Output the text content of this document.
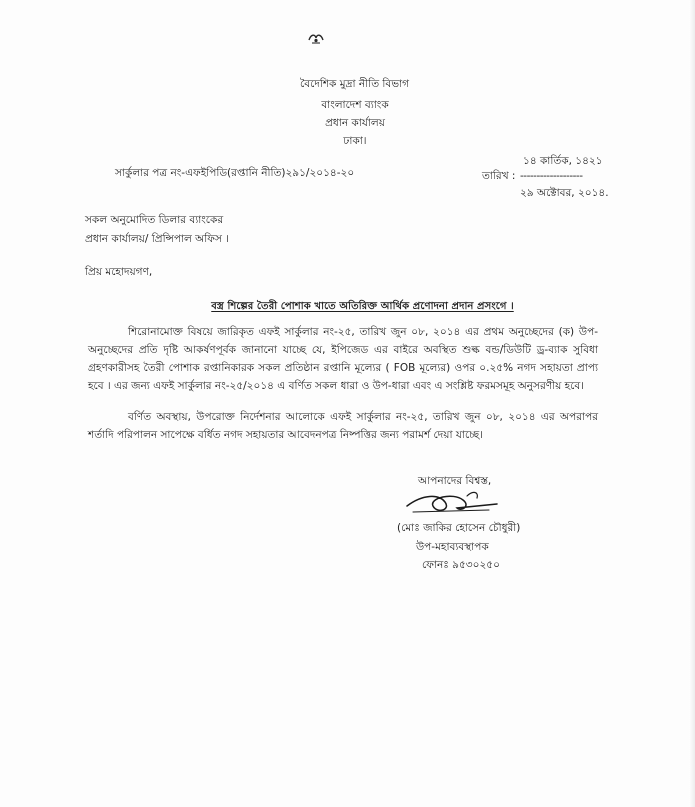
বৈদেশিক মুদ্রা নীতি বিভাগ
বাংলাদেশ ব্যাংক
প্রধান কার্যালয়
ঢাকা।
১৪ কার্তিক, ১৪২১
সার্কুলার পত্র নং-এফইপিডি(রপ্তানি নীতি)২৯১/২০১৪-২০	তারিখ : -------------------
২৯ অক্টোবর, ২০১৪.
সকল অনুমোদিত ডিলার ব্যাংকের
প্রধান কার্যালয়/ প্রিন্সিপাল অফিস ।
প্রিয় মহোদয়গণ,
বস্ত্র শিল্পের তৈরী পোশাক খাতে অতিরিক্ত আর্থিক প্রণোদনা প্রদান প্রসংগে ।
শিরোনামোক্ত বিষয়ে জারিকৃত এফই সার্কুলার নং-২৫, তারিখ জুন ০৮, ২০১৪ এর প্রথম অনুচ্ছেদের (ক) উপ-অনুচ্ছেদের প্রতি দৃষ্টি আকর্ষণপূর্বক জানানো যাচ্ছে যে, ইপিজেড এর বাইরে অবস্থিত শুল্ক বন্ড/ডিউটি ড্র-ব্যাক সুবিধা গ্রহণকারীসহ তৈরী পোশাক রপ্তানিকারক সকল প্রতিষ্ঠান রপ্তানি মূল্যের ( FOB মূল্যের) ওপর ০.২৫% নগদ সহায়তা প্রাপ্য হবে । এর জন্য এফই সার্কুলার নং-২৫/২০১৪ এ বর্ণিত সকল ধারা ও উপ-ধারা এবং এ সংশ্লিষ্ট ফরমসমূহ অনুসরণীয় হবে।
বর্ণিত অবস্থায়, উপরোক্ত নির্দেশনার আলোকে এফই সার্কুলার নং-২৫, তারিখ জুন ০৮, ২০১৪ এর অপরাপর শর্তাদি পরিপালন সাপেক্ষে বর্ধিত নগদ সহায়তার আবেদনপত্র নিষ্পত্তির জন্য পরামর্শ দেয়া যাচ্ছে।
আপনাদের বিশ্বস্ত,
(মোঃ জাকির হোসেন চৌধুরী)
উপ-মহাব্যবস্থাপক
ফোনঃ ৯৫৩০২৫০
